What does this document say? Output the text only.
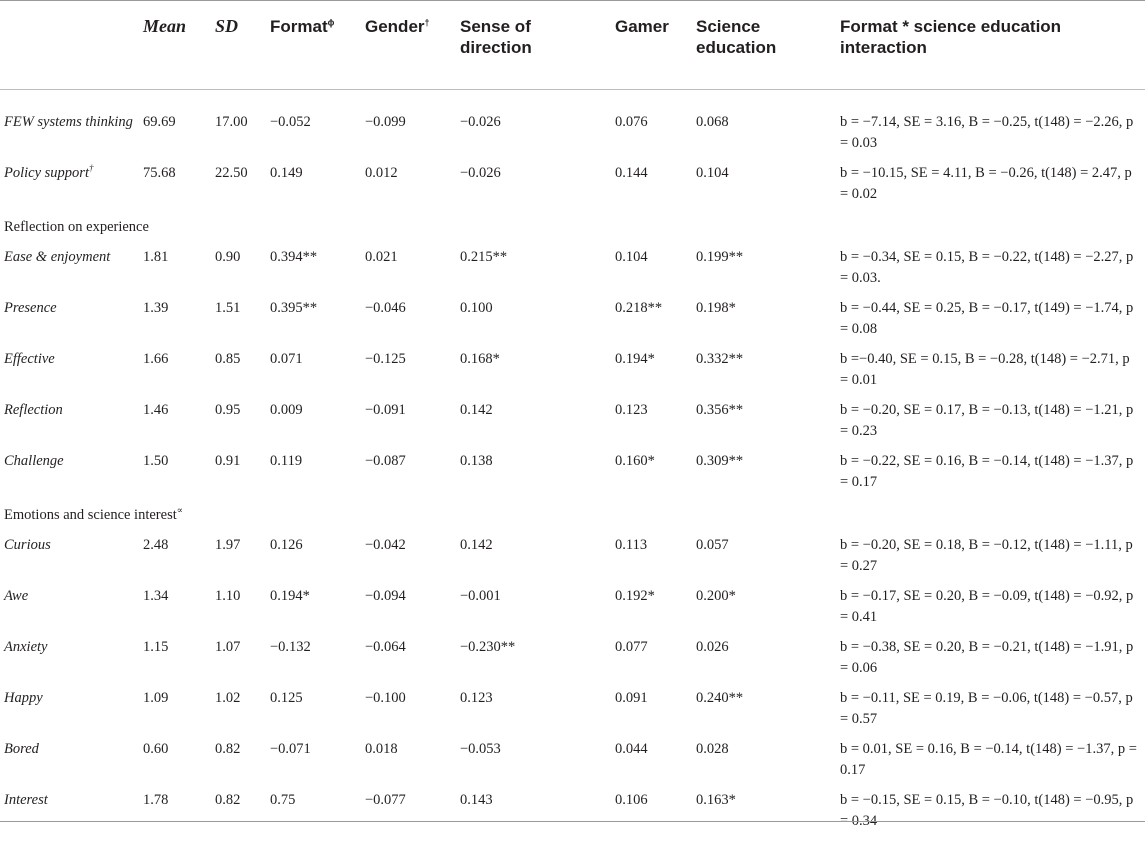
	Mean	SD	Format$^\phi$	Gender†	Sense of direction	Gamer	Science education	Format * science education interaction
FEW systems thinking	69.69	17.00	−0.052	−0.099	−0.026	0.076	0.068	b = −7.14, SE = 3.16, B = −0.25, t(148) = −2.26, p = 0.03
Policy support†	75.68	22.50	0.149	0.012	−0.026	0.144	0.104	b = −10.15, SE = 4.11, B = −0.26, t(148) = 2.47, p = 0.02
Reflection on experience								
Ease & enjoyment	1.81	0.90	0.394**	0.021	0.215**	0.104	0.199**	b = −0.34, SE = 0.15, B = −0.22, t(148) = −2.27, p = 0.03.
Presence	1.39	1.51	0.395**	−0.046	0.100	0.218**	0.198*	b = −0.44, SE = 0.25, B = −0.17, t(149) = −1.74, p = 0.08
Effective	1.66	0.85	0.071	−0.125	0.168*	0.194*	0.332**	b =−0.40, SE = 0.15, B = −0.28, t(148) = −2.71, p = 0.01
Reflection	1.46	0.95	0.009	−0.091	0.142	0.123	0.356**	b = −0.20, SE = 0.17, B = −0.13, t(148) = −1.21, p = 0.23
Challenge	1.50	0.91	0.119	−0.087	0.138	0.160*	0.309**	b = −0.22, SE = 0.16, B = −0.14, t(148) = −1.37, p = 0.17
Emotions and science interest∝
Curious	2.48	1.97	0.126	−0.042	0.142	0.113	0.057	b = −0.20, SE = 0.18, B = −0.12, t(148) = −1.11, p = 0.27
Awe	1.34	1.10	0.194*	−0.094	−0.001	0.192*	0.200*	b = −0.17, SE = 0.20, B = −0.09, t(148) = −0.92, p = 0.41
Anxiety	1.15	1.07	−0.132	−0.064	−0.230**	0.077	0.026	b = −0.38, SE = 0.20, B = −0.21, t(148) = −1.91, p = 0.06
Happy	1.09	1.02	0.125	−0.100	0.123	0.091	0.240**	b = −0.11, SE = 0.19, B = −0.06, t(148) = −0.57, p = 0.57
Bored	0.60	0.82	−0.071	0.018	−0.053	0.044	0.028	b = 0.01, SE = 0.16, B = −0.14, t(148) = −1.37, p = 0.17
Interest	1.78	0.82	0.75	−0.077	0.143	0.106	0.163*	b = −0.15, SE = 0.15, B = −0.10, t(148) = −0.95, p = 0.34
